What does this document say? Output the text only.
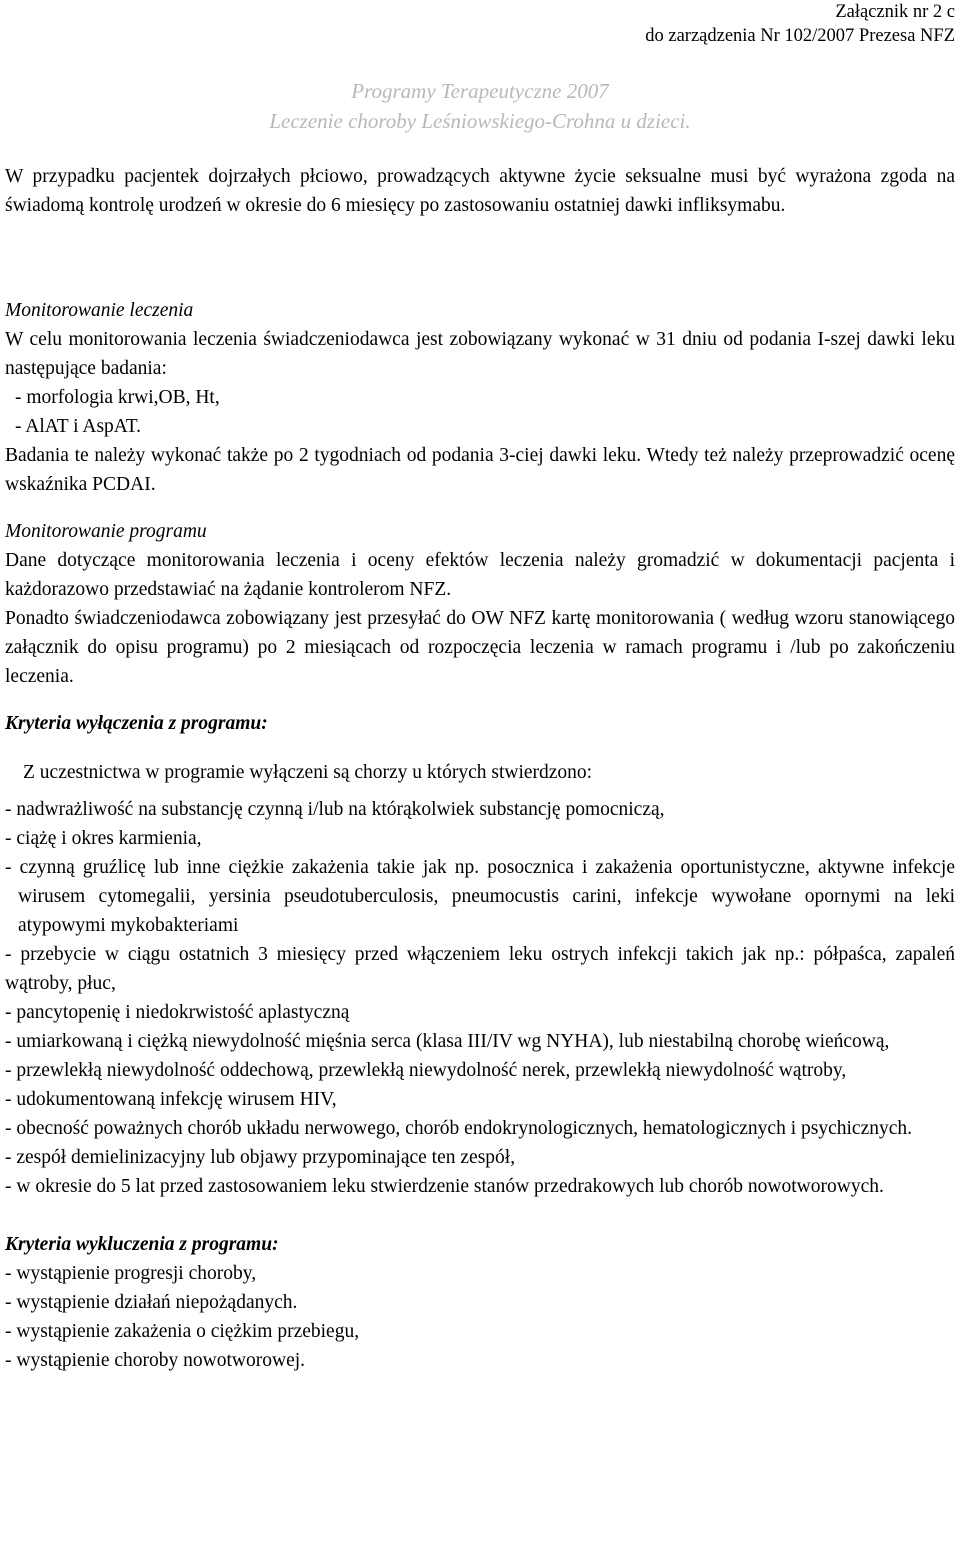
Załącznik nr 2 c
do zarządzenia Nr 102/2007 Prezesa NFZ
Programy Terapeutyczne 2007
Leczenie choroby Leśniowskiego-Crohna u dzieci.

W przypadku pacjentek dojrzałych płciowo, prowadzących aktywne życie seksualne musi być wyrażona zgoda na świadomą kontrolę urodzeń w okresie do 6 miesięcy po zastosowaniu ostatniej dawki infliksymabu.

Monitorowanie leczenia

W celu monitorowania leczenia świadczeniodawca jest zobowiązany wykonać w 31 dniu od podania I-szej dawki leku następujące badania:

- morfologia krwi,OB, Ht,

- AlAT i AspAT.

Badania te należy wykonać także po 2 tygodniach od podania 3-ciej dawki leku. Wtedy też należy przeprowadzić ocenę wskaźnika PCDAI.

Monitorowanie programu

Dane dotyczące monitorowania leczenia i oceny efektów leczenia należy gromadzić w dokumentacji pacjenta i każdorazowo przedstawiać na żądanie kontrolerom NFZ.

Ponadto świadczeniodawca zobowiązany jest przesyłać do OW NFZ kartę monitorowania ( według wzoru stanowiącego załącznik do opisu programu) po 2 miesiącach od rozpoczęcia leczenia w ramach programu i /lub po zakończeniu leczenia.

Kryteria wyłączenia z programu:

Z uczestnictwa w programie wyłączeni są chorzy u których stwierdzono:

- nadwrażliwość na substancję czynną i/lub na którąkolwiek substancję pomocniczą,

- ciążę i okres karmienia,

- czynną gruźlicę lub inne ciężkie zakażenia takie jak np. posocznica i zakażenia oportunistyczne, aktywne infekcje wirusem cytomegalii, yersinia pseudotuberculosis, pneumocustis carini, infekcje wywołane opornymi na leki atypowymi mykobakteriami

- przebycie w ciągu ostatnich 3 miesięcy przed włączeniem leku ostrych infekcji takich jak np.: półpaśca, zapaleń wątroby, płuc,

- pancytopenię i niedokrwistość aplastyczną

- umiarkowaną i ciężką niewydolność mięśnia serca (klasa III/IV wg NYHA), lub niestabilną chorobę wieńcową,

- przewlekłą niewydolność oddechową, przewlekłą niewydolność nerek, przewlekłą niewydolność wątroby,

- udokumentowaną infekcję wirusem HIV,

- obecność poważnych chorób układu nerwowego, chorób endokrynologicznych, hematologicznych i psychicznych.

- zespół demielinizacyjny lub objawy przypominające ten zespół,

- w okresie do 5 lat przed zastosowaniem leku stwierdzenie stanów przedrakowych lub chorób nowotworowych.

Kryteria wykluczenia z programu:

- wystąpienie progresji choroby,

- wystąpienie działań niepożądanych.

- wystąpienie zakażenia o ciężkim przebiegu,

- wystąpienie choroby nowotworowej.
